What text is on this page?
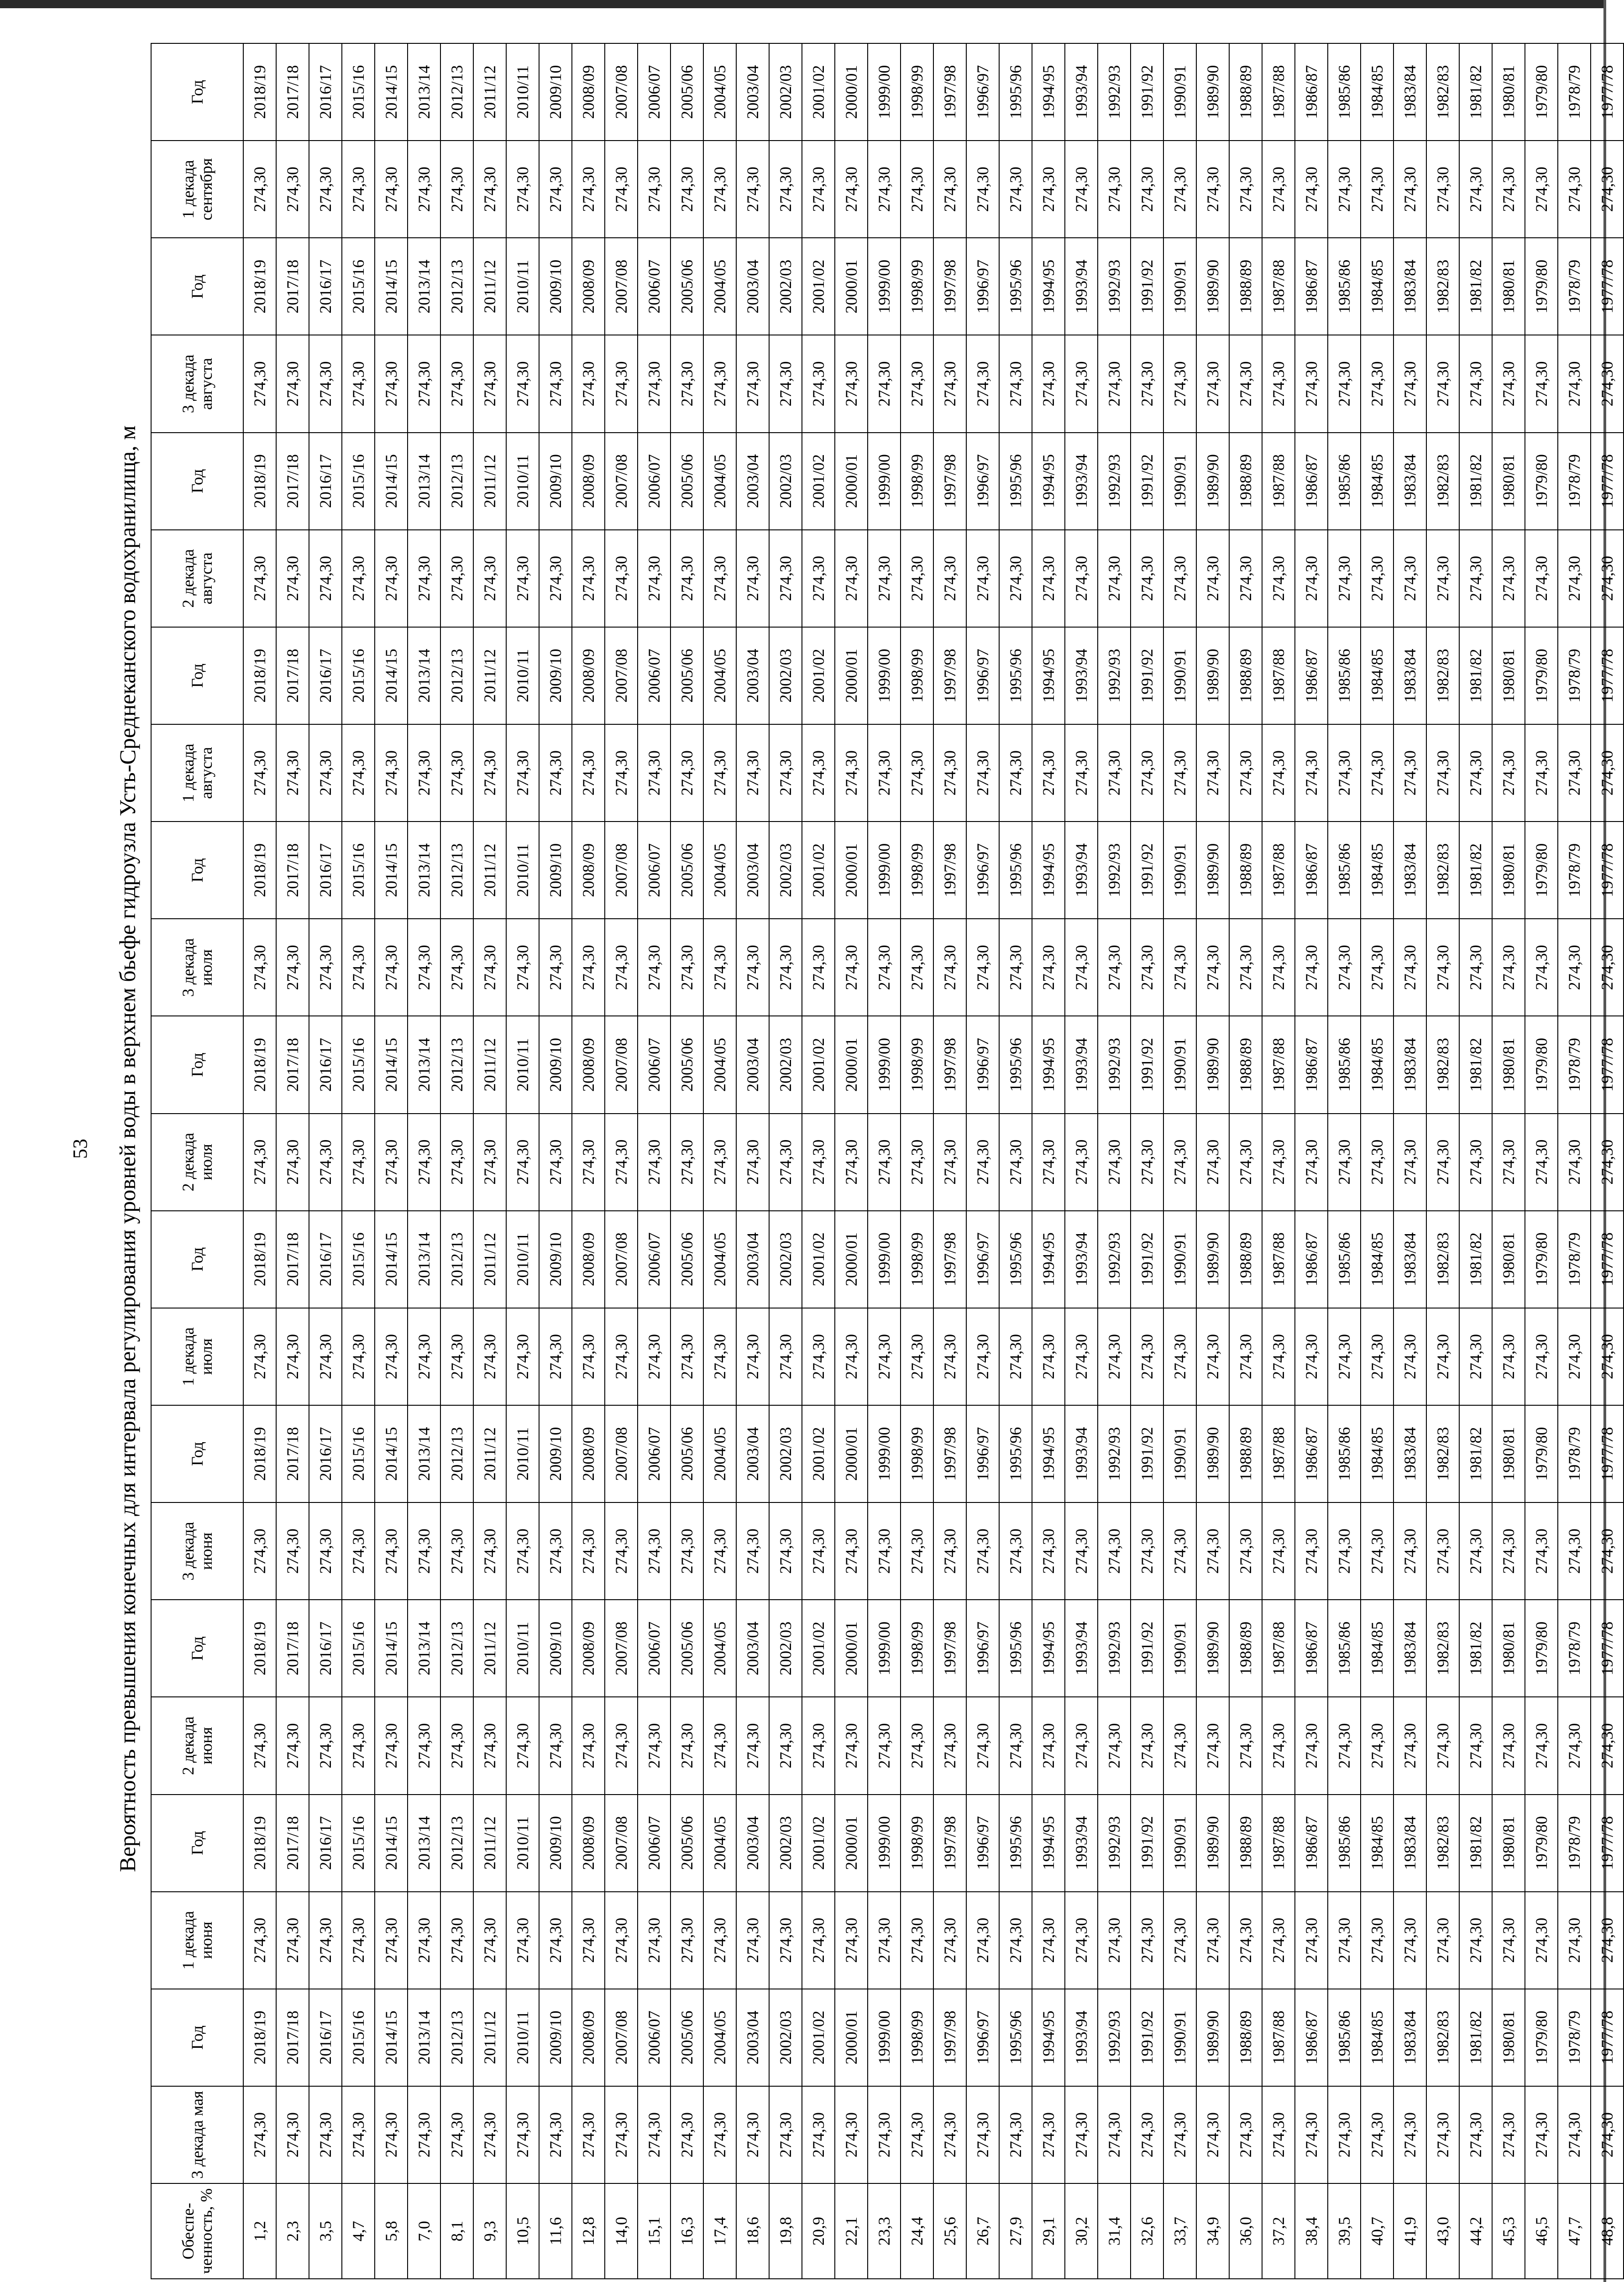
53 Вероятность превышения конечных для интервала регулирования уровней воды в верхнем бьефе гидроузла Усть-Среднеканского водохранилища, м
Обеспе-ченность, %	3 декада мая	Год	1 декада июня	Год	2 декада июня	Год	3 декада июня	Год	1 декада июля	Год	2 декада июля	Год	3 декада июля	Год	1 декада августа	Год	2 декада августа	Год	3 декада августа	Год	1 декада сентября	Год
1,2	274,30	2018/19	274,30	2018/19	274,30	2018/19	274,30	2018/19	274,30	2018/19	274,30	2018/19	274,30	2018/19	274,30	2018/19	274,30	2018/19	274,30	2018/19	274,30	2018/19
2,3	274,30	2017/18	274,30	2017/18	274,30	2017/18	274,30	2017/18	274,30	2017/18	274,30	2017/18	274,30	2017/18	274,30	2017/18	274,30	2017/18	274,30	2017/18	274,30	2017/18
3,5	274,30	2016/17	274,30	2016/17	274,30	2016/17	274,30	2016/17	274,30	2016/17	274,30	2016/17	274,30	2016/17	274,30	2016/17	274,30	2016/17	274,30	2016/17	274,30	2016/17
4,7	274,30	2015/16	274,30	2015/16	274,30	2015/16	274,30	2015/16	274,30	2015/16	274,30	2015/16	274,30	2015/16	274,30	2015/16	274,30	2015/16	274,30	2015/16	274,30	2015/16
5,8	274,30	2014/15	274,30	2014/15	274,30	2014/15	274,30	2014/15	274,30	2014/15	274,30	2014/15	274,30	2014/15	274,30	2014/15	274,30	2014/15	274,30	2014/15	274,30	2014/15
7,0	274,30	2013/14	274,30	2013/14	274,30	2013/14	274,30	2013/14	274,30	2013/14	274,30	2013/14	274,30	2013/14	274,30	2013/14	274,30	2013/14	274,30	2013/14	274,30	2013/14
8,1	274,30	2012/13	274,30	2012/13	274,30	2012/13	274,30	2012/13	274,30	2012/13	274,30	2012/13	274,30	2012/13	274,30	2012/13	274,30	2012/13	274,30	2012/13	274,30	2012/13
9,3	274,30	2011/12	274,30	2011/12	274,30	2011/12	274,30	2011/12	274,30	2011/12	274,30	2011/12	274,30	2011/12	274,30	2011/12	274,30	2011/12	274,30	2011/12	274,30	2011/12
10,5	274,30	2010/11	274,30	2010/11	274,30	2010/11	274,30	2010/11	274,30	2010/11	274,30	2010/11	274,30	2010/11	274,30	2010/11	274,30	2010/11	274,30	2010/11	274,30	2010/11
11,6	274,30	2009/10	274,30	2009/10	274,30	2009/10	274,30	2009/10	274,30	2009/10	274,30	2009/10	274,30	2009/10	274,30	2009/10	274,30	2009/10	274,30	2009/10	274,30	2009/10
12,8	274,30	2008/09	274,30	2008/09	274,30	2008/09	274,30	2008/09	274,30	2008/09	274,30	2008/09	274,30	2008/09	274,30	2008/09	274,30	2008/09	274,30	2008/09	274,30	2008/09
14,0	274,30	2007/08	274,30	2007/08	274,30	2007/08	274,30	2007/08	274,30	2007/08	274,30	2007/08	274,30	2007/08	274,30	2007/08	274,30	2007/08	274,30	2007/08	274,30	2007/08
15,1	274,30	2006/07	274,30	2006/07	274,30	2006/07	274,30	2006/07	274,30	2006/07	274,30	2006/07	274,30	2006/07	274,30	2006/07	274,30	2006/07	274,30	2006/07	274,30	2006/07
16,3	274,30	2005/06	274,30	2005/06	274,30	2005/06	274,30	2005/06	274,30	2005/06	274,30	2005/06	274,30	2005/06	274,30	2005/06	274,30	2005/06	274,30	2005/06	274,30	2005/06
17,4	274,30	2004/05	274,30	2004/05	274,30	2004/05	274,30	2004/05	274,30	2004/05	274,30	2004/05	274,30	2004/05	274,30	2004/05	274,30	2004/05	274,30	2004/05	274,30	2004/05
18,6	274,30	2003/04	274,30	2003/04	274,30	2003/04	274,30	2003/04	274,30	2003/04	274,30	2003/04	274,30	2003/04	274,30	2003/04	274,30	2003/04	274,30	2003/04	274,30	2003/04
19,8	274,30	2002/03	274,30	2002/03	274,30	2002/03	274,30	2002/03	274,30	2002/03	274,30	2002/03	274,30	2002/03	274,30	2002/03	274,30	2002/03	274,30	2002/03	274,30	2002/03
20,9	274,30	2001/02	274,30	2001/02	274,30	2001/02	274,30	2001/02	274,30	2001/02	274,30	2001/02	274,30	2001/02	274,30	2001/02	274,30	2001/02	274,30	2001/02	274,30	2001/02
22,1	274,30	2000/01	274,30	2000/01	274,30	2000/01	274,30	2000/01	274,30	2000/01	274,30	2000/01	274,30	2000/01	274,30	2000/01	274,30	2000/01	274,30	2000/01	274,30	2000/01
23,3	274,30	1999/00	274,30	1999/00	274,30	1999/00	274,30	1999/00	274,30	1999/00	274,30	1999/00	274,30	1999/00	274,30	1999/00	274,30	1999/00	274,30	1999/00	274,30	1999/00
24,4	274,30	1998/99	274,30	1998/99	274,30	1998/99	274,30	1998/99	274,30	1998/99	274,30	1998/99	274,30	1998/99	274,30	1998/99	274,30	1998/99	274,30	1998/99	274,30	1998/99
25,6	274,30	1997/98	274,30	1997/98	274,30	1997/98	274,30	1997/98	274,30	1997/98	274,30	1997/98	274,30	1997/98	274,30	1997/98	274,30	1997/98	274,30	1997/98	274,30	1997/98
26,7	274,30	1996/97	274,30	1996/97	274,30	1996/97	274,30	1996/97	274,30	1996/97	274,30	1996/97	274,30	1996/97	274,30	1996/97	274,30	1996/97	274,30	1996/97	274,30	1996/97
27,9	274,30	1995/96	274,30	1995/96	274,30	1995/96	274,30	1995/96	274,30	1995/96	274,30	1995/96	274,30	1995/96	274,30	1995/96	274,30	1995/96	274,30	1995/96	274,30	1995/96
29,1	274,30	1994/95	274,30	1994/95	274,30	1994/95	274,30	1994/95	274,30	1994/95	274,30	1994/95	274,30	1994/95	274,30	1994/95	274,30	1994/95	274,30	1994/95	274,30	1994/95
30,2	274,30	1993/94	274,30	1993/94	274,30	1993/94	274,30	1993/94	274,30	1993/94	274,30	1993/94	274,30	1993/94	274,30	1993/94	274,30	1993/94	274,30	1993/94	274,30	1993/94
31,4	274,30	1992/93	274,30	1992/93	274,30	1992/93	274,30	1992/93	274,30	1992/93	274,30	1992/93	274,30	1992/93	274,30	1992/93	274,30	1992/93	274,30	1992/93	274,30	1992/93
32,6	274,30	1991/92	274,30	1991/92	274,30	1991/92	274,30	1991/92	274,30	1991/92	274,30	1991/92	274,30	1991/92	274,30	1991/92	274,30	1991/92	274,30	1991/92	274,30	1991/92
33,7	274,30	1990/91	274,30	1990/91	274,30	1990/91	274,30	1990/91	274,30	1990/91	274,30	1990/91	274,30	1990/91	274,30	1990/91	274,30	1990/91	274,30	1990/91	274,30	1990/91
34,9	274,30	1989/90	274,30	1989/90	274,30	1989/90	274,30	1989/90	274,30	1989/90	274,30	1989/90	274,30	1989/90	274,30	1989/90	274,30	1989/90	274,30	1989/90	274,30	1989/90
36,0	274,30	1988/89	274,30	1988/89	274,30	1988/89	274,30	1988/89	274,30	1988/89	274,30	1988/89	274,30	1988/89	274,30	1988/89	274,30	1988/89	274,30	1988/89	274,30	1988/89
37,2	274,30	1987/88	274,30	1987/88	274,30	1987/88	274,30	1987/88	274,30	1987/88	274,30	1987/88	274,30	1987/88	274,30	1987/88	274,30	1987/88	274,30	1987/88	274,30	1987/88
38,4	274,30	1986/87	274,30	1986/87	274,30	1986/87	274,30	1986/87	274,30	1986/87	274,30	1986/87	274,30	1986/87	274,30	1986/87	274,30	1986/87	274,30	1986/87	274,30	1986/87
39,5	274,30	1985/86	274,30	1985/86	274,30	1985/86	274,30	1985/86	274,30	1985/86	274,30	1985/86	274,30	1985/86	274,30	1985/86	274,30	1985/86	274,30	1985/86	274,30	1985/86
40,7	274,30	1984/85	274,30	1984/85	274,30	1984/85	274,30	1984/85	274,30	1984/85	274,30	1984/85	274,30	1984/85	274,30	1984/85	274,30	1984/85	274,30	1984/85	274,30	1984/85
41,9	274,30	1983/84	274,30	1983/84	274,30	1983/84	274,30	1983/84	274,30	1983/84	274,30	1983/84	274,30	1983/84	274,30	1983/84	274,30	1983/84	274,30	1983/84	274,30	1983/84
43,0	274,30	1982/83	274,30	1982/83	274,30	1982/83	274,30	1982/83	274,30	1982/83	274,30	1982/83	274,30	1982/83	274,30	1982/83	274,30	1982/83	274,30	1982/83	274,30	1982/83
44,2	274,30	1981/82	274,30	1981/82	274,30	1981/82	274,30	1981/82	274,30	1981/82	274,30	1981/82	274,30	1981/82	274,30	1981/82	274,30	1981/82	274,30	1981/82	274,30	1981/82
45,3	274,30	1980/81	274,30	1980/81	274,30	1980/81	274,30	1980/81	274,30	1980/81	274,30	1980/81	274,30	1980/81	274,30	1980/81	274,30	1980/81	274,30	1980/81	274,30	1980/81
46,5	274,30	1979/80	274,30	1979/80	274,30	1979/80	274,30	1979/80	274,30	1979/80	274,30	1979/80	274,30	1979/80	274,30	1979/80	274,30	1979/80	274,30	1979/80	274,30	1979/80
47,7	274,30	1978/79	274,30	1978/79	274,30	1978/79	274,30	1978/79	274,30	1978/79	274,30	1978/79	274,30	1978/79	274,30	1978/79	274,30	1978/79	274,30	1978/79	274,30	1978/79
48,8	274,30	1977/78	274,30	1977/78	274,30	1977/78	274,30	1977/78	274,30	1977/78	274,30	1977/78	274,30	1977/78	274,30	1977/78	274,30	1977/78	274,30	1977/78	274,30	1977/78
